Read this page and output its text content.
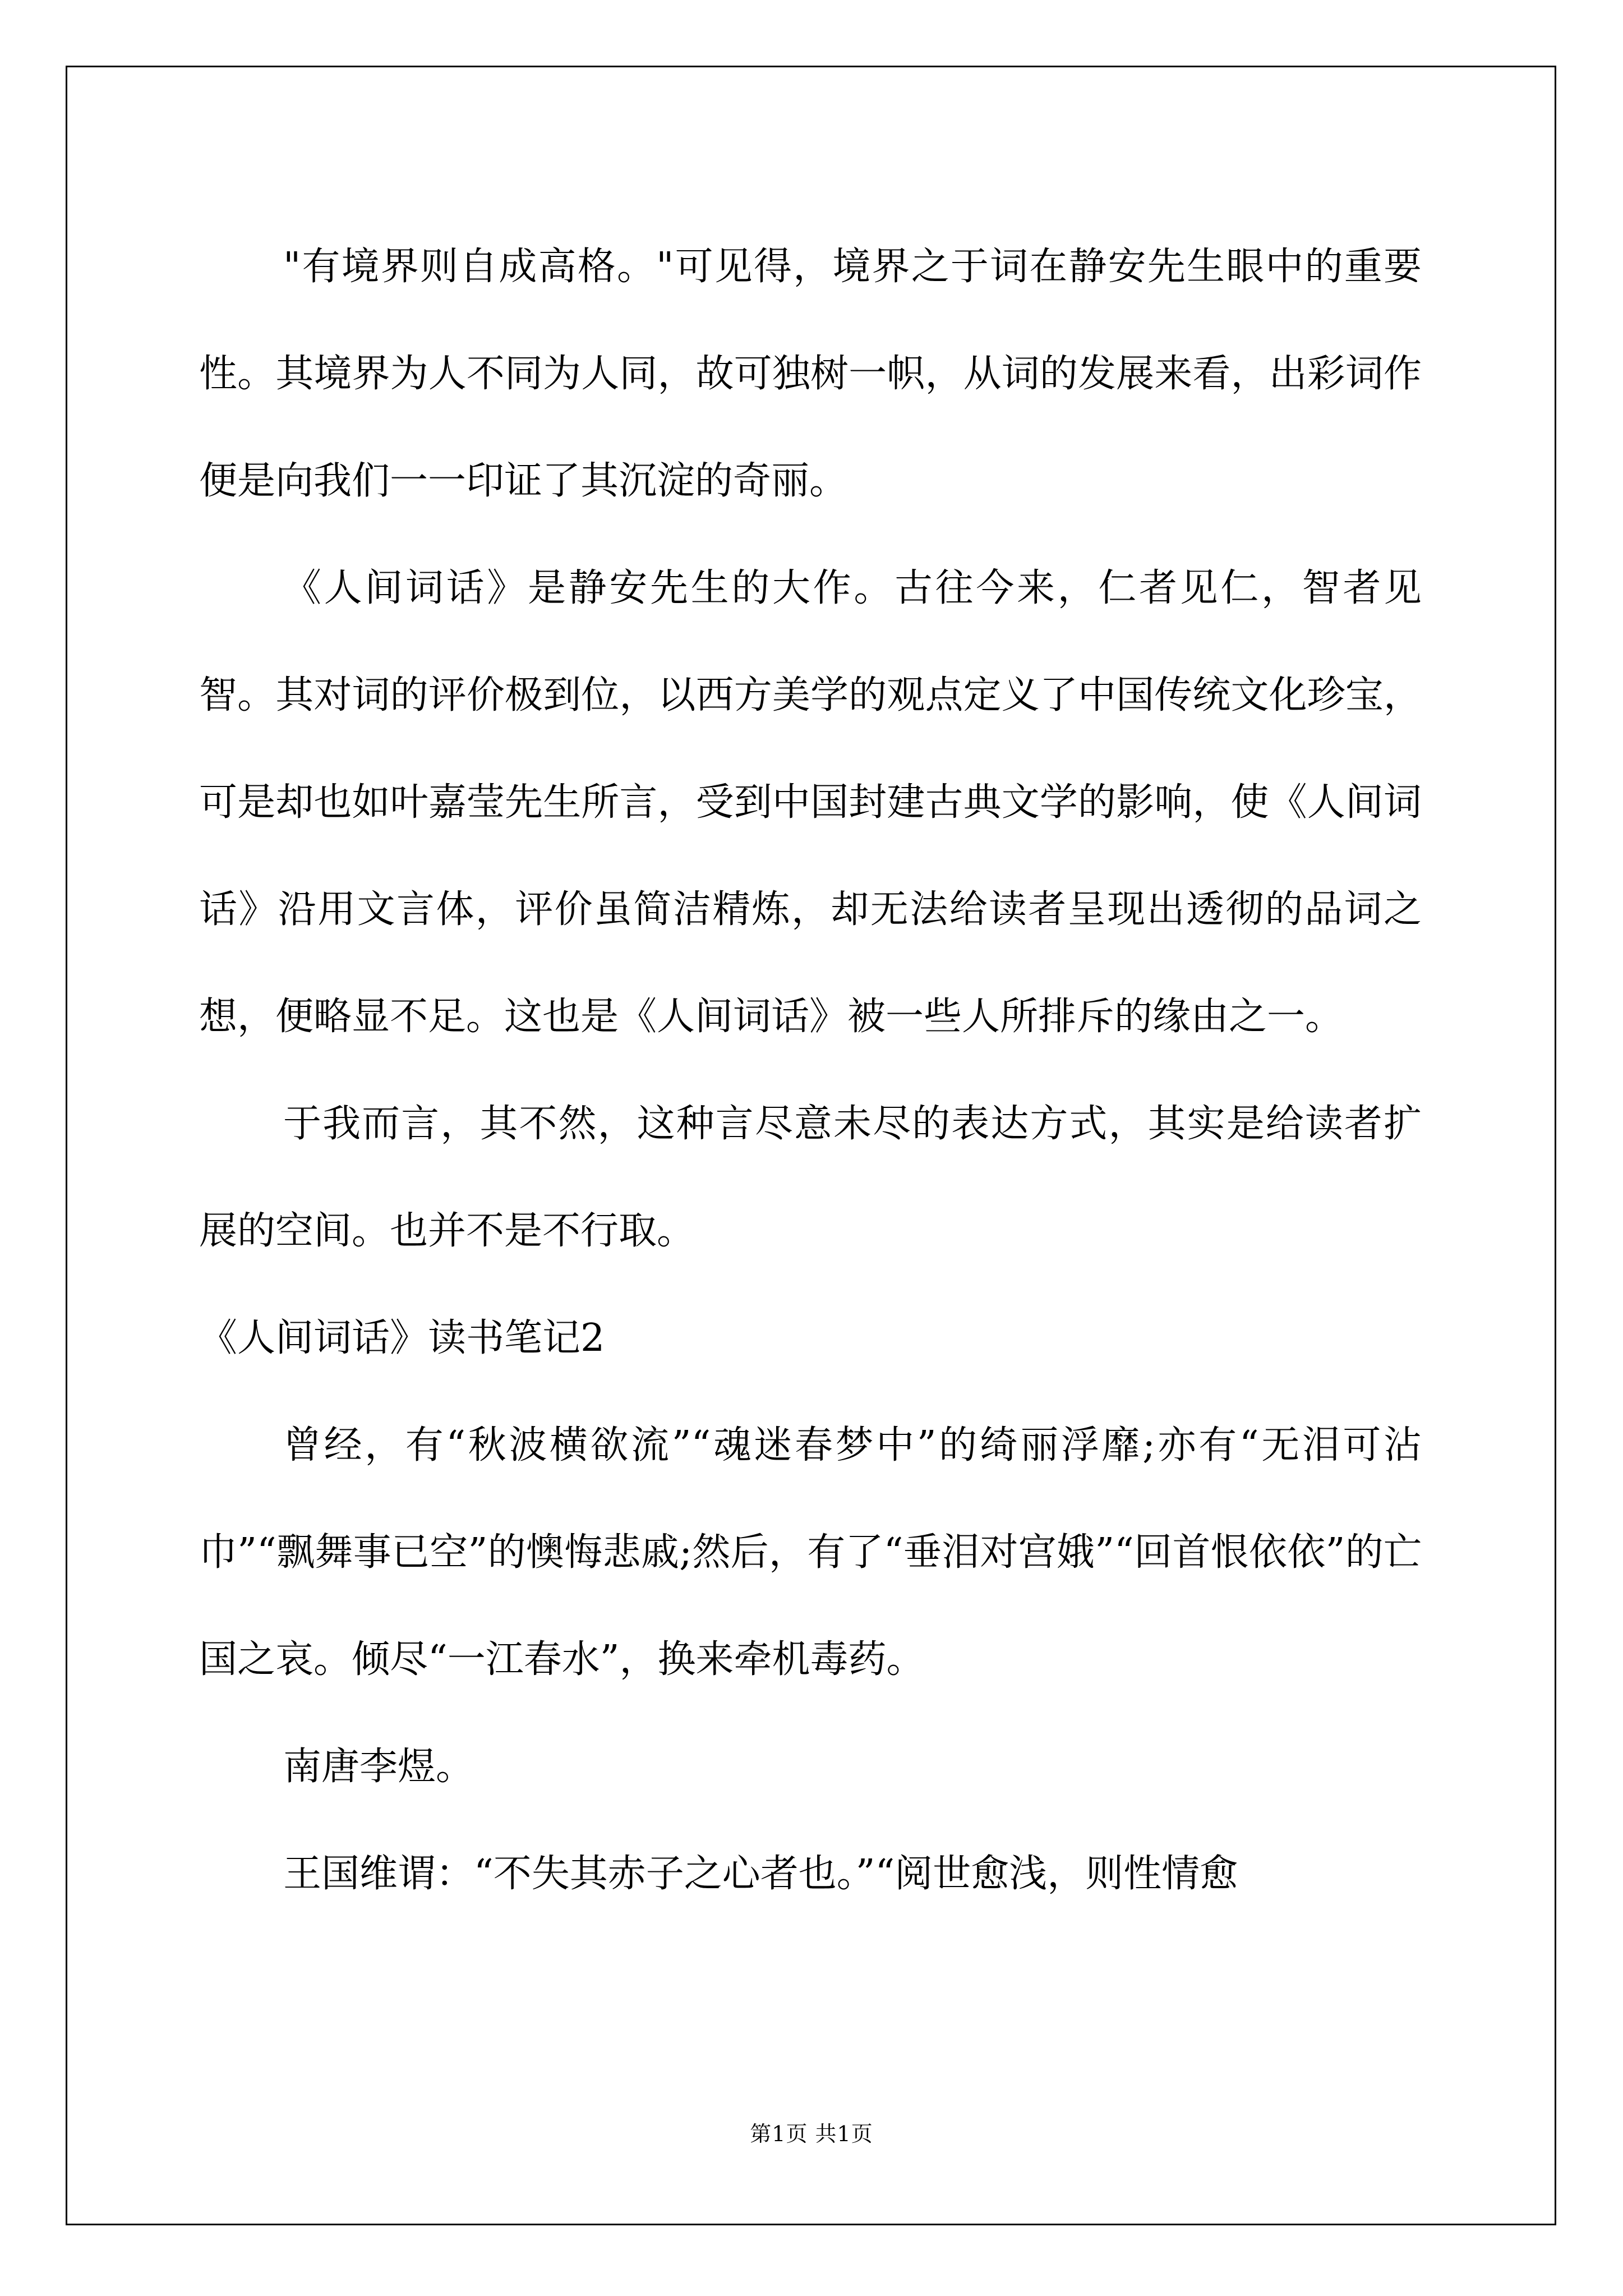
"有境界则自成高格。"可见得，境界之于词在静安先生眼中的重要性。其境界为人不同为人同，故可独树一帜，从词的发展来看，出彩词作便是向我们一一印证了其沉淀的奇丽。

《人间词话》是静安先生的大作。古往今来，仁者见仁，智者见智。其对词的评价极到位，以西方美学的观点定义了中国传统文化珍宝，可是却也如叶嘉莹先生所言，受到中国封建古典文学的影响，使《人间词话》沿用文言体，评价虽简洁精炼，却无法给读者呈现出透彻的品词之想，便略显不足。这也是《人间词话》被一些人所排斥的缘由之一。

于我而言，其不然，这种言尽意未尽的表达方式，其实是给读者扩展的空间。也并不是不行取。

《人间词话》读书笔记2

曾经，有“秋波横欲流”“魂迷春梦中”的绮丽浮靡;亦有“无泪可沾巾”“飘舞事已空”的懊悔悲戚;然后，有了“垂泪对宫娥”“回首恨依依”的亡国之哀。倾尽“一江春水”，换来牵机毒药。

南唐李煜。

王国维谓：“不失其赤子之心者也。”“阅世愈浅，则性情愈

第1页 共1页
